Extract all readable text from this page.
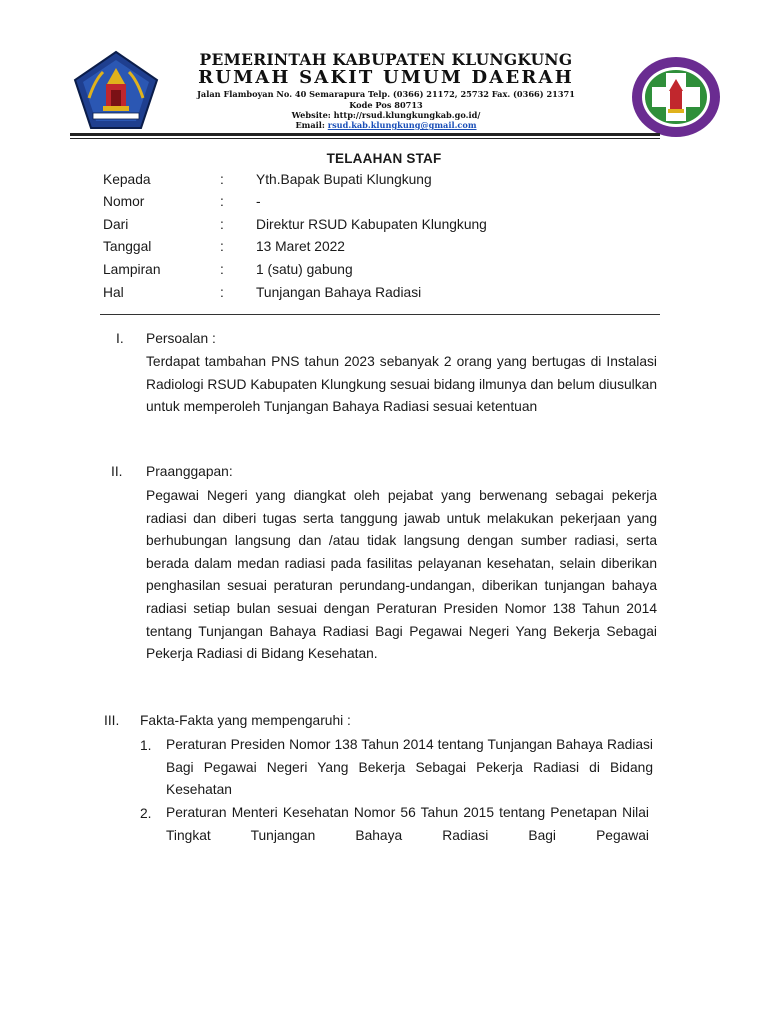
PEMERINTAH KABUPATEN KLUNGKUNG
RUMAH SAKIT UMUM DAERAH
Jalan Flamboyan No. 40 Semarapura Telp. (0366) 21172, 25732 Fax. (0366) 21371
Kode Pos 80713
Website: http://rsud.klungkungkab.go.id/
Email: rsud.kab.klungkung@gmail.com
TELAAHAN STAF
Kepada	: Yth.Bapak Bupati Klungkung
Nomor	: -
Dari	: Direktur RSUD Kabupaten Klungkung
Tanggal	: 13 Maret 2022
Lampiran	: 1 (satu) gabung
Hal	: Tunjangan Bahaya Radiasi
I. Persoalan :
Terdapat tambahan PNS tahun 2023 sebanyak 2 orang yang bertugas di Instalasi Radiologi RSUD Kabupaten Klungkung sesuai bidang ilmunya dan belum diusulkan untuk memperoleh Tunjangan Bahaya Radiasi sesuai ketentuan
II. Praanggapan:
Pegawai Negeri yang diangkat oleh pejabat yang berwenang sebagai pekerja radiasi dan diberi tugas serta tanggung jawab untuk melakukan pekerjaan yang berhubungan langsung dan /atau tidak langsung dengan sumber radiasi, serta berada dalam medan radiasi pada fasilitas pelayanan kesehatan, selain diberikan penghasilan sesuai peraturan perundang-undangan, diberikan tunjangan bahaya radiasi setiap bulan sesuai dengan Peraturan Presiden Nomor 138 Tahun 2014 tentang Tunjangan Bahaya Radiasi Bagi Pegawai Negeri Yang Bekerja Sebagai Pekerja Radiasi di Bidang Kesehatan.
III. Fakta-Fakta yang mempengaruhi :
1. Peraturan Presiden Nomor 138 Tahun 2014 tentang Tunjangan Bahaya Radiasi Bagi Pegawai Negeri Yang Bekerja Sebagai Pekerja Radiasi di Bidang Kesehatan
2. Peraturan Menteri Kesehatan Nomor 56 Tahun 2015 tentang Penetapan Nilai Tingkat Tunjangan Bahaya Radiasi Bagi Pegawai
